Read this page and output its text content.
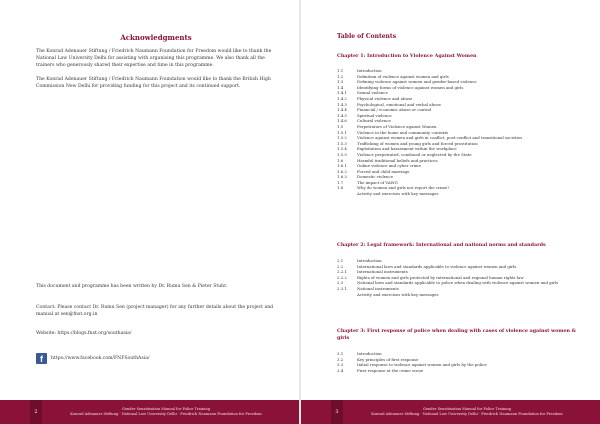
Acknowledgments
The Konrad Adenauer Stiftung / Friedrich Naumann Foundation for Freedom would like to thank the National Law University Delhi for assisting with organising this programme. We also thank all the trainers who generously shared their expertise and time in this programme.
The Konrad Adenauer Stiftung / Friedrich Naumann Foundation would like to thank the British High Commission New Delhi for providing funding for this project and its continued support.
This document and programme has been written by Dr. Rumu Sen & Pieter Stuhr.
Contact: Please contact Dr. Rumu Sen (project manager) for any further details about the project and manual at sen@fnst.org.in
Website: https://blogs.fnst.org/southasia/
f	https://www.facebook.com/FNFSouthAsia/
Gender Sensitisation Manual for Police Training
Konrad Adenauer Stiftung · National Law University Delhi · Friedrich Naumann Foundation for Freedom
2
Table of Contents
Chapter 1: Introduction to Violence Against Women
1.1	Introduction
1.2	Definition of violence against women and girls
1.3	Defining violence against women and gender-based violence
1.4	Identifying forms of violence against women and girls
1.4.1	Sexual violence
1.4.2	Physical violence and abuse
1.4.3	Psychological, emotional and verbal abuse
1.4.4	Financial / economic abuse or control
1.4.5	Spiritual violence
1.4.6	Cultural violence
1.5	Perpetrators of Violence against Women
1.5.1	Violence in the home and community contexts
1.5.2	Violence against women and girls in conflict, post-conflict and transitional societies
1.5.3	Trafficking of women and young girls and forced prostitution
1.5.4	Exploitation and harassment within the workplace
1.5.5	Violence perpetrated, condoned or neglected by the State
1.6	Harmful traditional beliefs and practices
1.6.1	Online violence and cyber crime
1.6.2	Forced and child marriage
1.6.3	Domestic violence
1.7	The impact of VAWG
1.8	Why do women and girls not report the crime?
Activity and exercises with key messages
Chapter 2: Legal framework: International and national norms and standards
2.1	Introduction
2.2	International laws and standards applicable to violence against women and girls
2.2.1	International instruments
2.2.2	Rights of women and girls protected by international and regional human rights law
2.3	National laws and standards applicable to police when dealing with violence against women and girls
2.3.1	National instruments
Activity and exercises with key messages
Chapter 3: First response of police when dealing with cases of violence against women & girls
3.1	Introduction
3.2	Key principles of first response
3.3	Initial response to violence against women and girls by the police
3.4	First response at the crime scene
Gender Sensitisation Manual for Police Training
Konrad Adenauer Stiftung · National Law University Delhi · Friedrich Naumann Foundation for Freedom
3
